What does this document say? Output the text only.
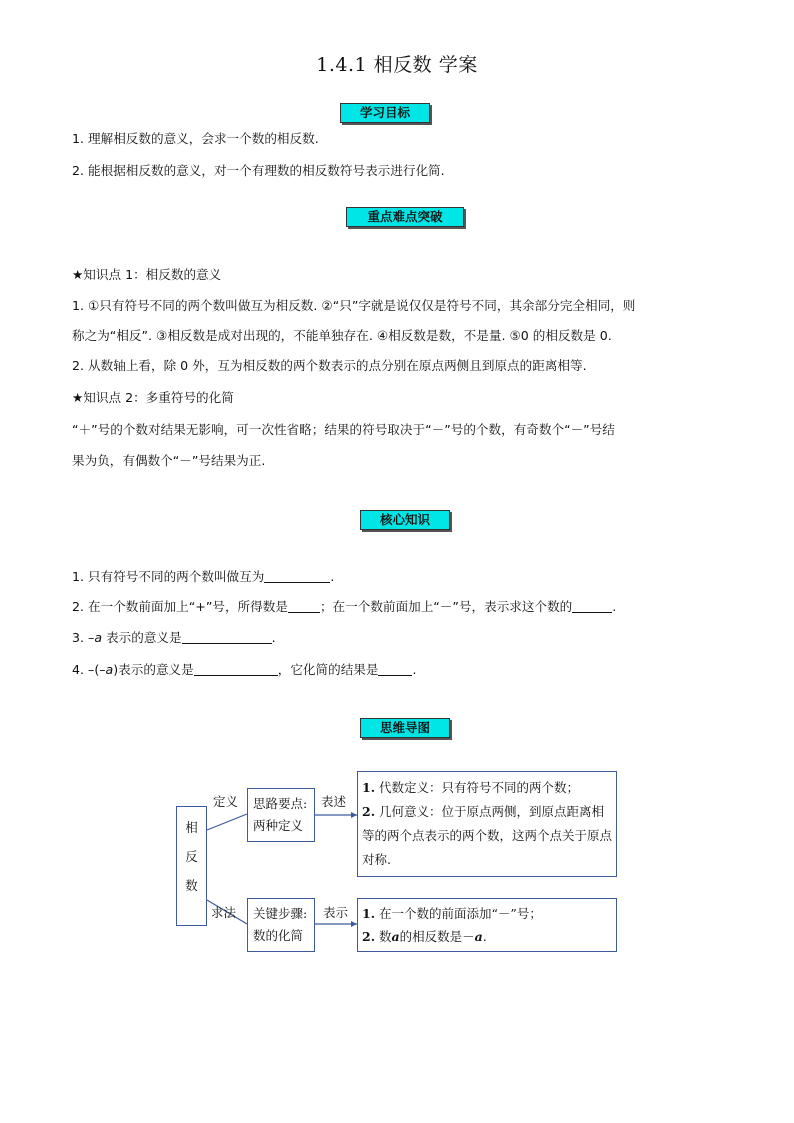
1.4.1 相反数 学案
学习目标
1. 理解相反数的意义，会求一个数的相反数.
2. 能根据相反数的意义，对一个有理数的相反数符号表示进行化简.
重点难点突破
★知识点 1：相反数的意义
1. ①只有符号不同的两个数叫做互为相反数. ②“只”字就是说仅仅是符号不同，其余部分完全相同，则
称之为“相反”. ③相反数是成对出现的，不能单独存在. ④相反数是数，不是量. ⑤0 的相反数是 0.
2. 从数轴上看，除 0 外，互为相反数的两个数表示的点分别在原点两侧且到原点的距离相等.
★知识点 2：多重符号的化简
“＋”号的个数对结果无影响，可一次性省略；结果的符号取决于“－”号的个数，有奇数个“－”号结
果为负，有偶数个“－”号结果为正.
核心知识
1. 只有符号不同的两个数叫做互为	.
2. 在一个数前面加上“+”号，所得数是	；在一个数前面加上“－”号，表示求这个数的	.
3. –a 表示的意义是	.
4. –(–a)表示的意义是	，它化简的结果是	.
思维导图
相
反
数
定义
求法
思路要点:
两种定义
关键步骤:
数的化简
表述
表示
1. 代数定义：只有符号不同的两个数；
2. 几何意义：位于原点两侧，到原点距离相等的两个点表示的两个数，这两个点关于原点对称.
1. 在一个数的前面添加“－”号；
2. 数a的相反数是－a.
